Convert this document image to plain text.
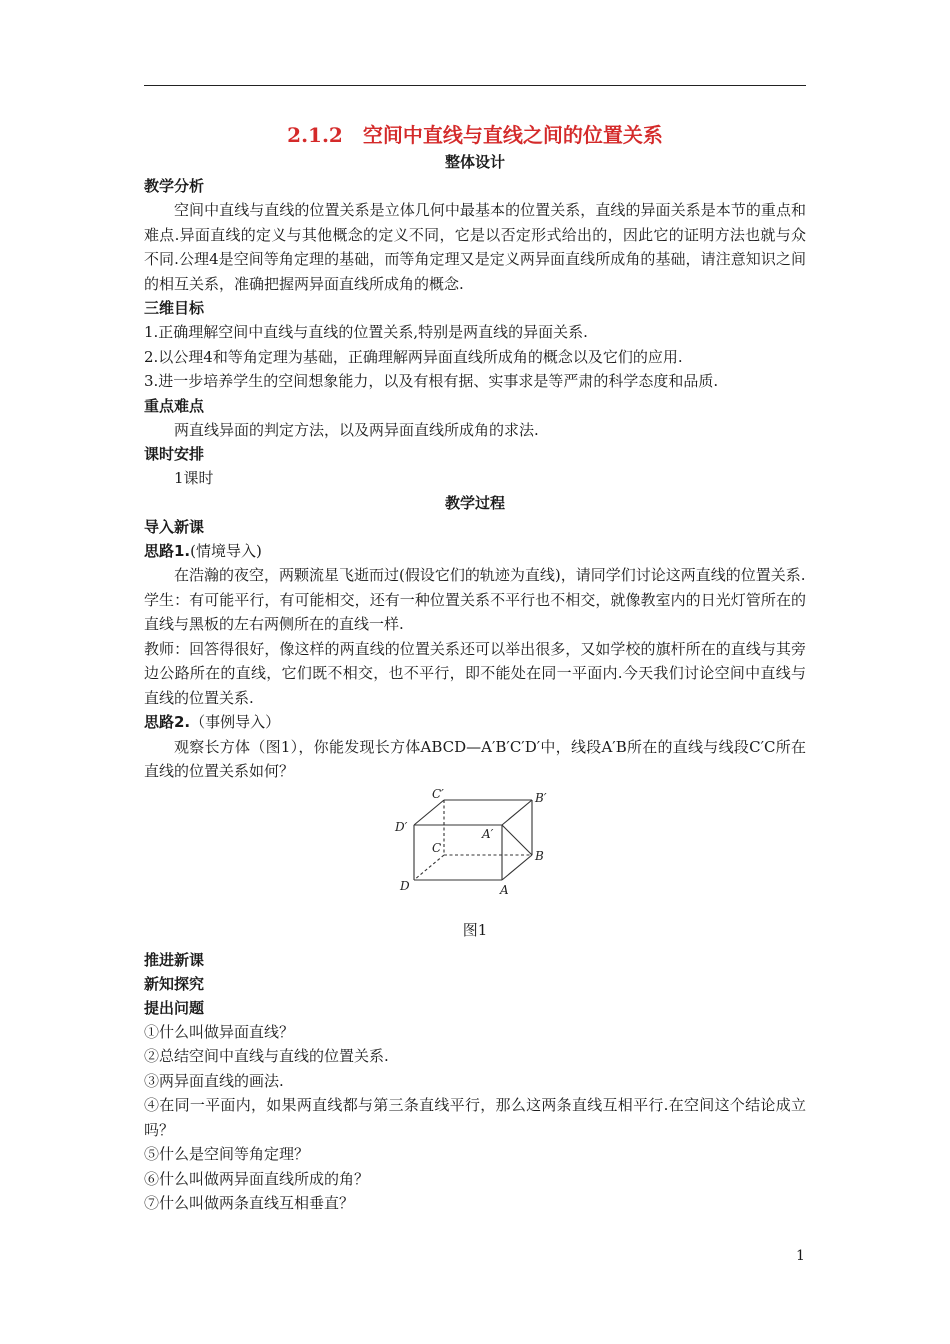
2.1.2　空间中直线与直线之间的位置关系

整体设计

教学分析

空间中直线与直线的位置关系是立体几何中最基本的位置关系，直线的异面关系是本节的重点和难点.异面直线的定义与其他概念的定义不同，它是以否定形式给出的，因此它的证明方法也就与众不同.公理4是空间等角定理的基础，而等角定理又是定义两异面直线所成角的基础，请注意知识之间的相互关系，准确把握两异面直线所成角的概念.

三维目标

1.正确理解空间中直线与直线的位置关系,特别是两直线的异面关系.

2.以公理4和等角定理为基础，正确理解两异面直线所成角的概念以及它们的应用.

3.进一步培养学生的空间想象能力，以及有根有据、实事求是等严肃的科学态度和品质.

重点难点

两直线异面的判定方法，以及两异面直线所成角的求法.

课时安排

1课时

教学过程

导入新课

思路1.(情境导入)

在浩瀚的夜空，两颗流星飞逝而过(假设它们的轨迹为直线)，请同学们讨论这两直线的位置关系.

学生：有可能平行，有可能相交，还有一种位置关系不平行也不相交，就像教室内的日光灯管所在的直线与黑板的左右两侧所在的直线一样.

教师：回答得很好，像这样的两直线的位置关系还可以举出很多，又如学校的旗杆所在的直线与其旁边公路所在的直线，它们既不相交，也不平行，即不能处在同一平面内.今天我们讨论空间中直线与直线的位置关系.

思路2.（事例导入）

观察长方体（图1），你能发现长方体ABCD—A′B′C′D′中，线段A′B所在的直线与线段C′C所在直线的位置关系如何？

C′	B′
D′	A′
C
B
D	A

图1

推进新课

新知探究

提出问题

①什么叫做异面直线？

②总结空间中直线与直线的位置关系.

③两异面直线的画法.

④在同一平面内，如果两直线都与第三条直线平行，那么这两条直线互相平行.在空间这个结论成立吗？

⑤什么是空间等角定理？

⑥什么叫做两异面直线所成的角？

⑦什么叫做两条直线互相垂直？

1
